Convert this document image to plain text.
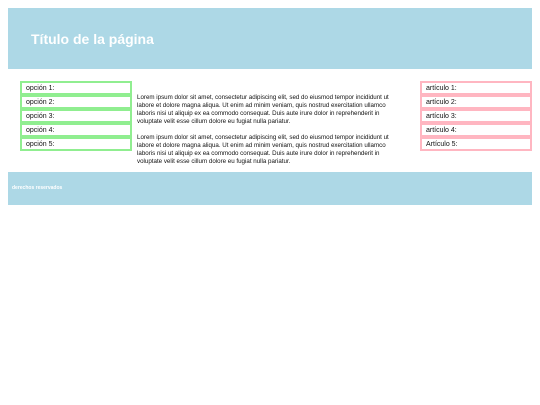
Título de la página
opción 1:
opción 2:
opción 3:
opción 4:
opción 5:

Lorem ipsum dolor sit amet, consectetur adipiscing elit, sed do eiusmod tempor incididunt ut labore et dolore magna aliqua. Ut enim ad minim veniam, quis nostrud exercitation ullamco laboris nisi ut aliquip ex ea commodo consequat. Duis aute irure dolor in reprehenderit in voluptate velit esse cillum dolore eu fugiat nulla pariatur.

Lorem ipsum dolor sit amet, consectetur adipiscing elit, sed do eiusmod tempor incididunt ut labore et dolore magna aliqua. Ut enim ad minim veniam, quis nostrud exercitation ullamco laboris nisi ut aliquip ex ea commodo consequat. Duis aute irure dolor in reprehenderit in voluptate velit esse cillum dolore eu fugiat nulla pariatur.

artículo 1:
artículo 2:
artículo 3:
artículo 4:
Artículo 5:
derechos reservados
